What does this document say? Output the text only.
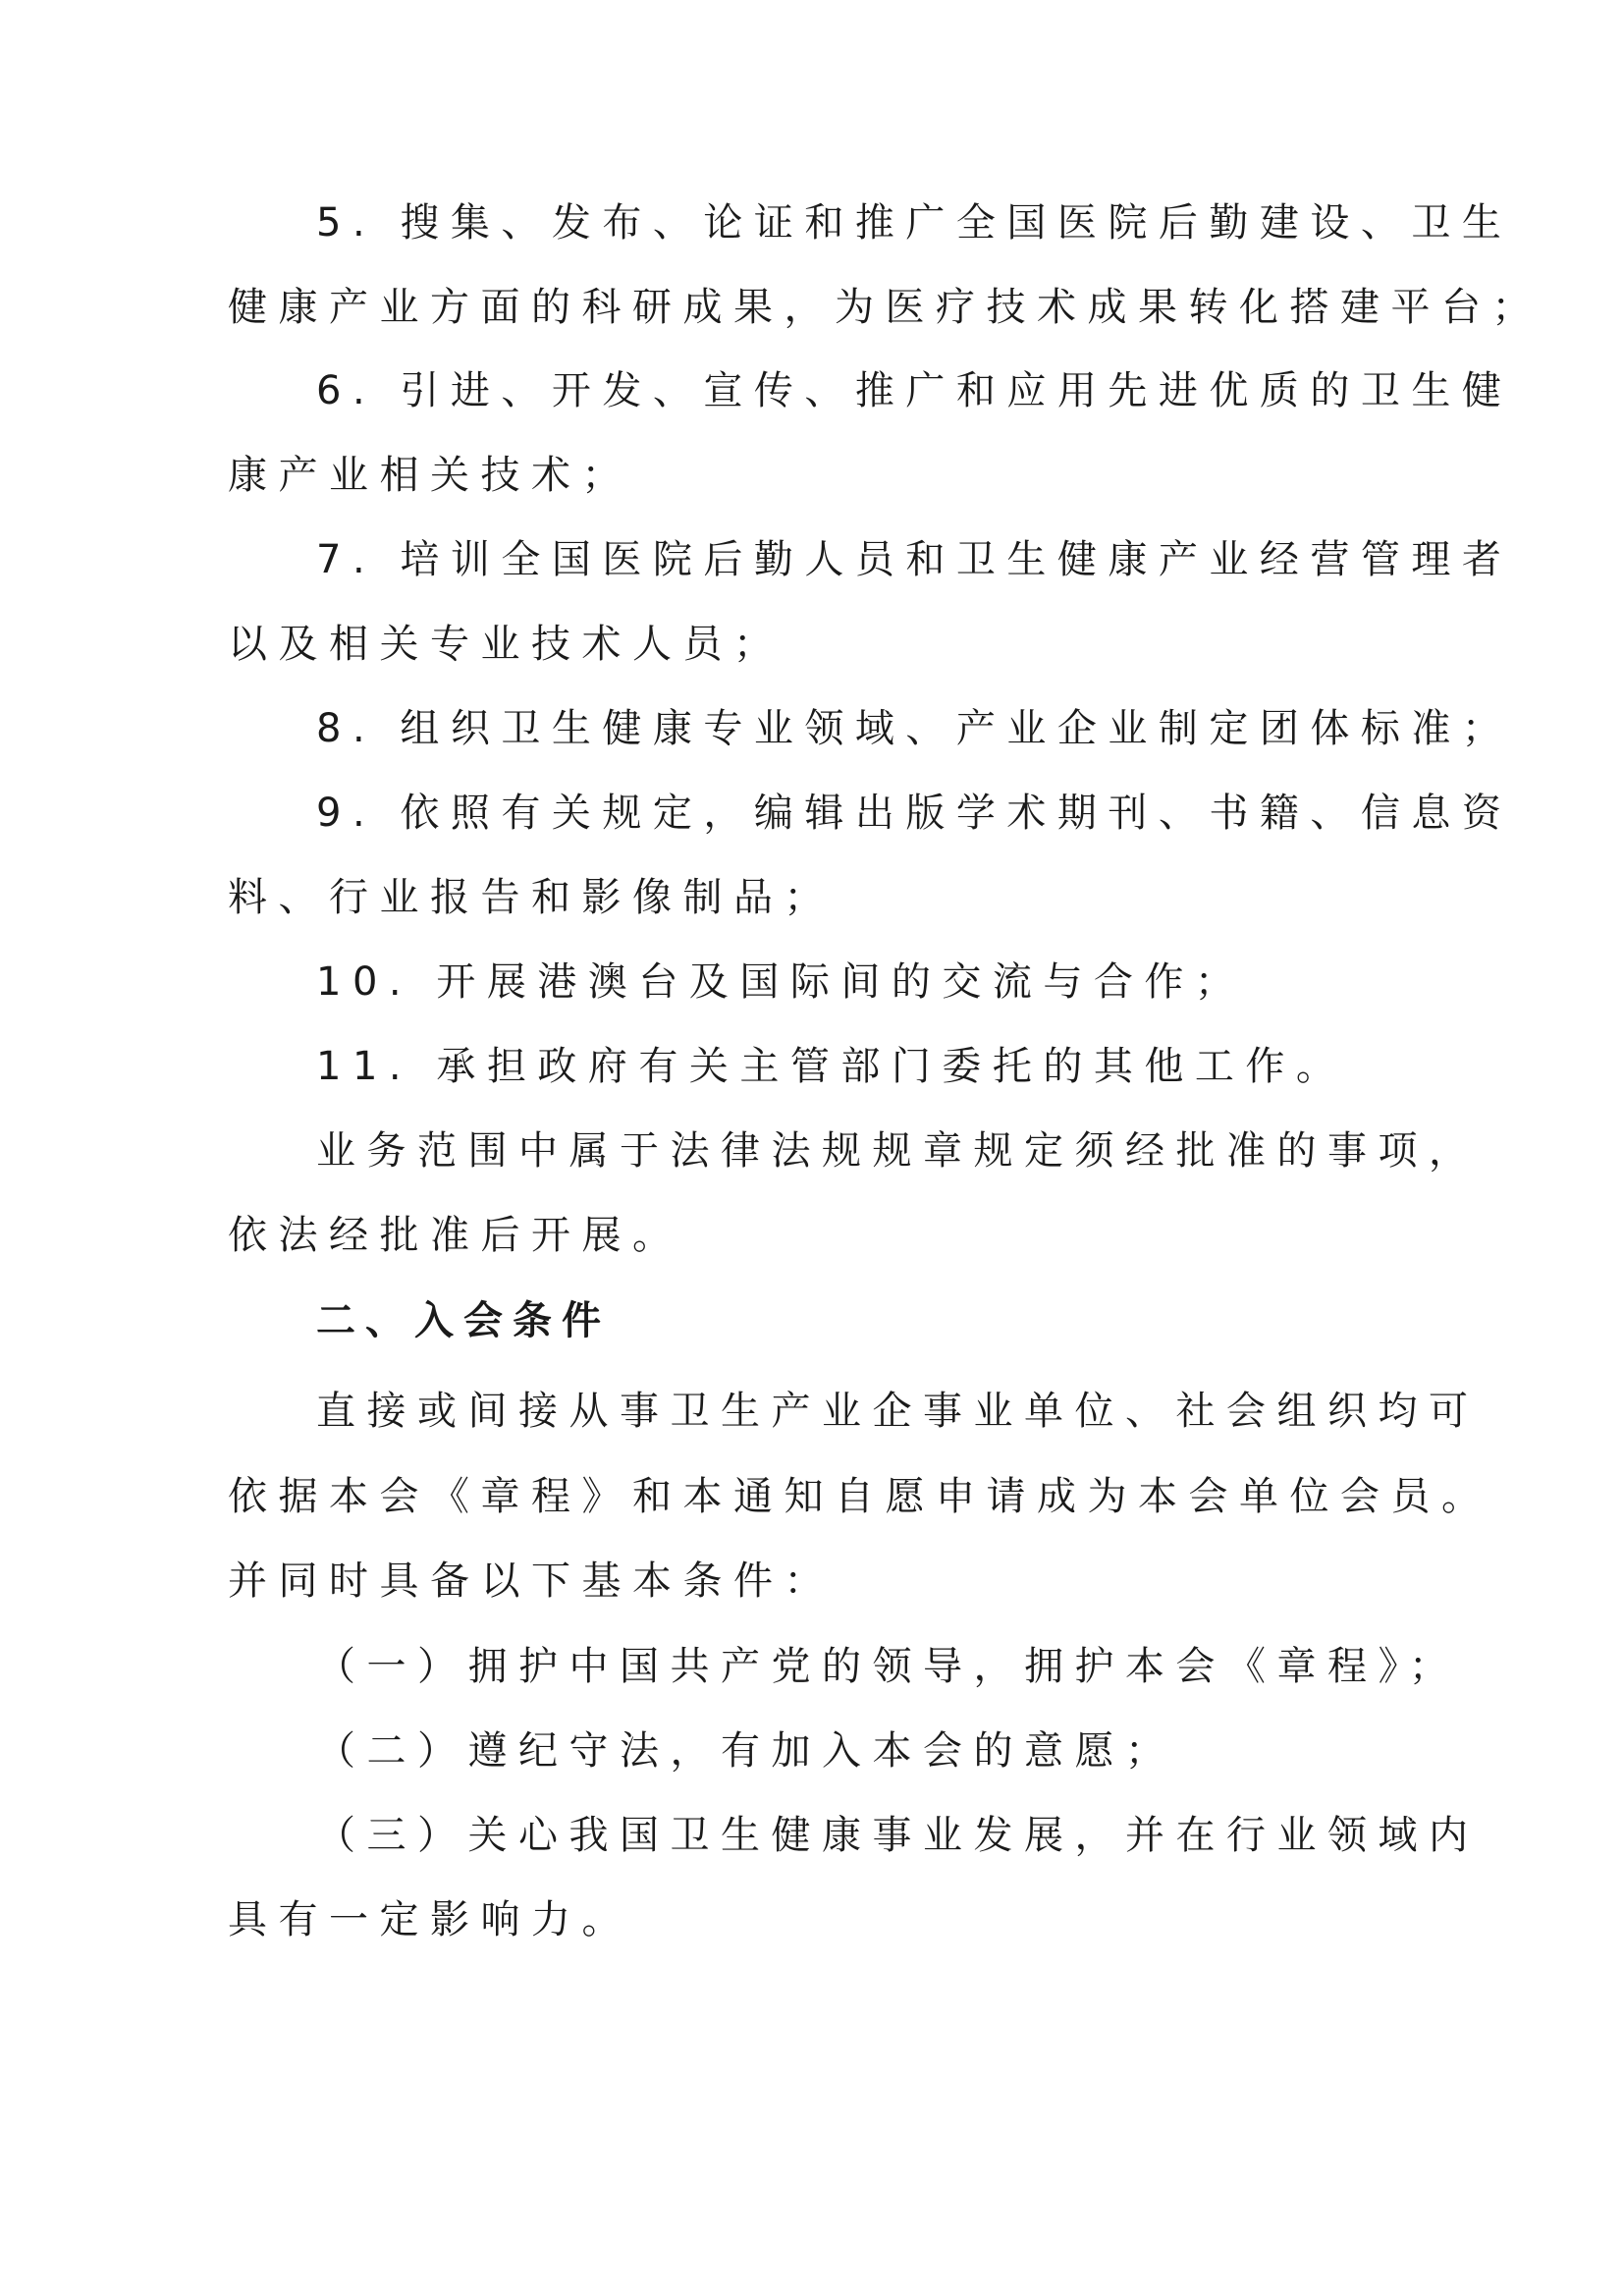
5. 搜集、发布、论证和推广全国医院后勤建设、卫生
健康产业方面的科研成果，为医疗技术成果转化搭建平台；
6. 引进、开发、宣传、推广和应用先进优质的卫生健
康产业相关技术；
7. 培训全国医院后勤人员和卫生健康产业经营管理者
以及相关专业技术人员；
8. 组织卫生健康专业领域、产业企业制定团体标准；
9. 依照有关规定，编辑出版学术期刊、书籍、信息资
料、行业报告和影像制品；
10. 开展港澳台及国际间的交流与合作；
11. 承担政府有关主管部门委托的其他工作。
业务范围中属于法律法规规章规定须经批准的事项，
依法经批准后开展。
二、入会条件
直接或间接从事卫生产业企事业单位、社会组织均可
依据本会《章程》和本通知自愿申请成为本会单位会员。
并同时具备以下基本条件：
（一）拥护中国共产党的领导，拥护本会《章程》；
（二）遵纪守法，有加入本会的意愿；
（三）关心我国卫生健康事业发展，并在行业领域内
具有一定影响力。
